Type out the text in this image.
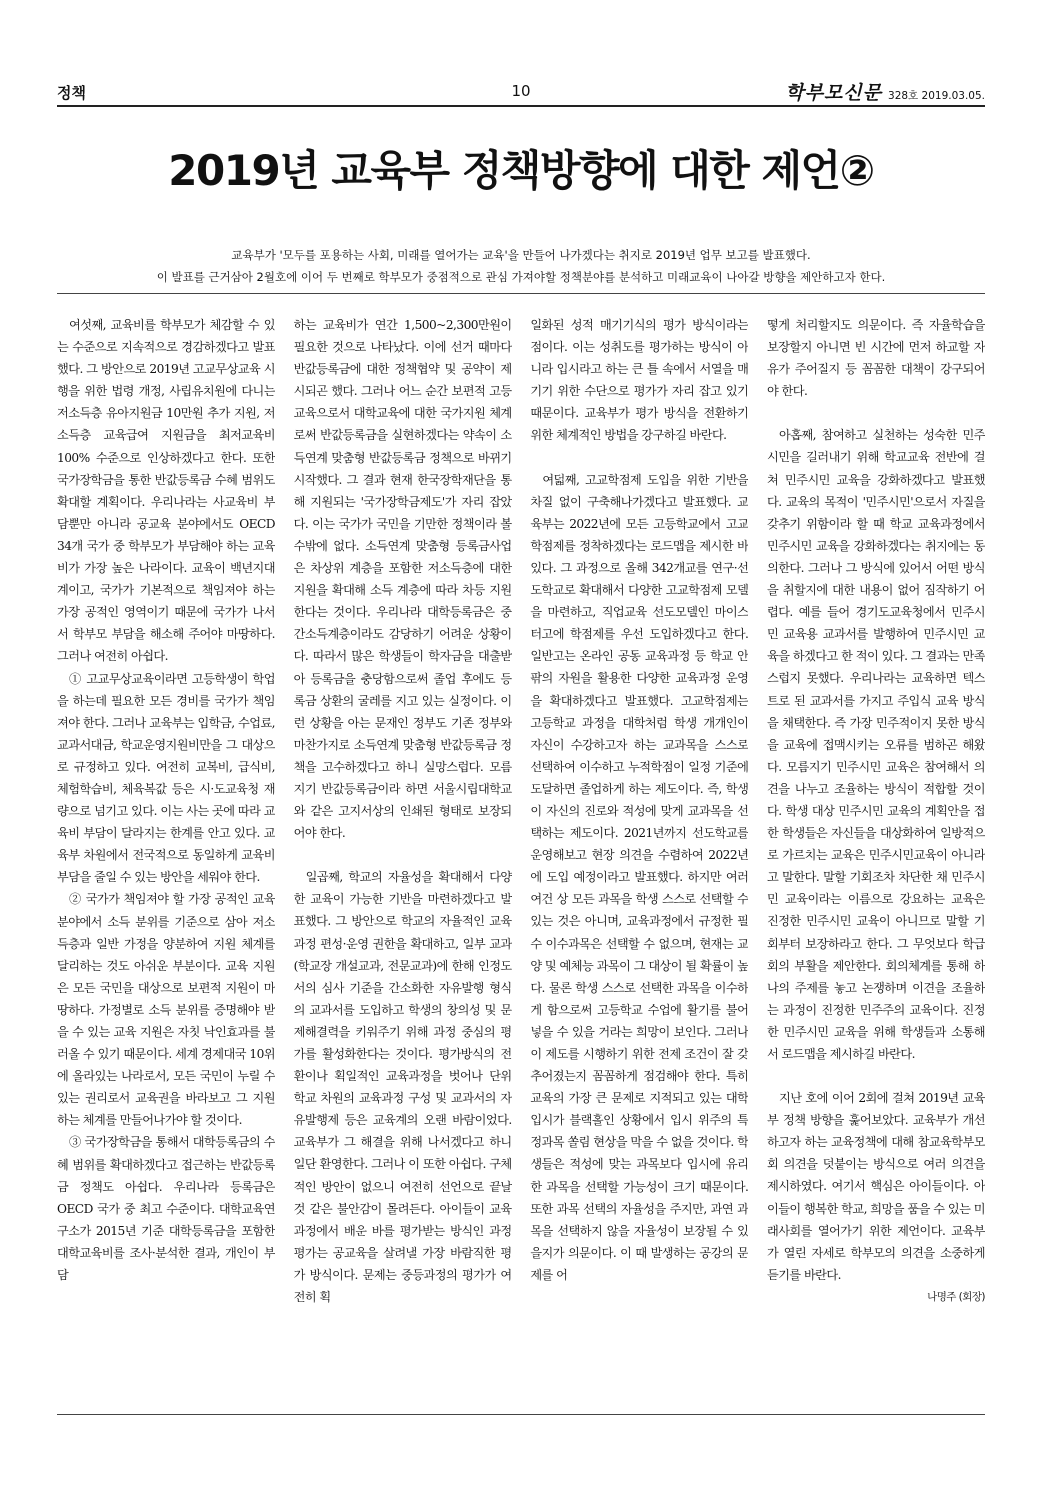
정책	10	학부모신문 328호 2019.03.05.
2019년 교육부 정책방향에 대한 제언②
교육부가 '모두를 포용하는 사회, 미래를 열어가는 교육'을 만들어 나가겠다는 취지로 2019년 업무 보고를 발표했다.
이 발표를 근거삼아 2월호에 이어 두 번째로 학부모가 중점적으로 관심 가져야할 정책분야를 분석하고 미래교육이 나아갈 방향을 제안하고자 한다.

여섯째, 교육비를 학부모가 체감할 수 있는 수준으로 지속적으로 경감하겠다고 발표했다. 그 방안으로 2019년 고교무상교육 시행을 위한 법령 개정, 사립유치원에 다니는 저소득층 유아지원금 10만원 추가 지원, 저소득층 교육급여 지원금을 최저교육비 100% 수준으로 인상하겠다고 한다. 또한 국가장학금을 통한 반값등록금 수혜 범위도 확대할 계획이다. 우리나라는 사교육비 부담뿐만 아니라 공교육 분야에서도 OECD 34개 국가 중 학부모가 부담해야 하는 교육비가 가장 높은 나라이다. 교육이 백년지대계이고, 국가가 기본적으로 책임져야 하는 가장 공적인 영역이기 때문에 국가가 나서서 학부모 부담을 해소해 주어야 마땅하다. 그러나 여전히 아쉽다.

① 고교무상교육이라면 고등학생이 학업을 하는데 필요한 모든 경비를 국가가 책임져야 한다. 그러나 교육부는 입학금, 수업료, 교과서대금, 학교운영지원비만을 그 대상으로 규정하고 있다. 여전히 교복비, 급식비, 체험학습비, 체육복값 등은 시·도교육청 재량으로 넘기고 있다. 이는 사는 곳에 따라 교육비 부담이 달라지는 한계를 안고 있다. 교육부 차원에서 전국적으로 동일하게 교육비 부담을 줄일 수 있는 방안을 세워야 한다.

② 국가가 책임져야 할 가장 공적인 교육 분야에서 소득 분위를 기준으로 삼아 저소득층과 일반 가정을 양분하여 지원 체계를 달리하는 것도 아쉬운 부분이다. 교육 지원은 모든 국민을 대상으로 보편적 지원이 마땅하다. 가정별로 소득 분위를 증명해야 받을 수 있는 교육 지원은 자칫 낙인효과를 불러올 수 있기 때문이다. 세계 경제대국 10위에 올라있는 나라로서, 모든 국민이 누릴 수 있는 권리로서 교육권을 바라보고 그 지원하는 체계를 만들어나가야 할 것이다.

③ 국가장학금을 통해서 대학등록금의 수혜 범위를 확대하겠다고 접근하는 반값등록금 정책도 아쉽다. 우리나라 등록금은 OECD 국가 중 최고 수준이다. 대학교육연구소가 2015년 기준 대학등록금을 포함한 대학교육비를 조사·분석한 결과, 개인이 부담

하는 교육비가 연간 1,500~2,300만원이 필요한 것으로 나타났다. 이에 선거 때마다 반값등록금에 대한 정책협약 및 공약이 제시되곤 했다. 그러나 어느 순간 보편적 고등교육으로서 대학교육에 대한 국가지원 체계로써 반값등록금을 실현하겠다는 약속이 소득연계 맞춤형 반값등록금 정책으로 바뀌기 시작했다. 그 결과 현재 한국장학재단을 통해 지원되는 '국가장학금제도'가 자리 잡았다. 이는 국가가 국민을 기만한 정책이라 볼 수밖에 없다. 소득연계 맞춤형 등록금사업은 차상위 계층을 포함한 저소득층에 대한 지원을 확대해 소득 계층에 따라 차등 지원한다는 것이다. 우리나라 대학등록금은 중간소득계층이라도 감당하기 어려운 상황이다. 따라서 많은 학생들이 학자금을 대출받아 등록금을 충당함으로써 졸업 후에도 등록금 상환의 굴레를 지고 있는 실정이다. 이런 상황을 아는 문재인 정부도 기존 정부와 마찬가지로 소득연계 맞춤형 반값등록금 정책을 고수하겠다고 하니 실망스럽다. 모름지기 반값등록금이라 하면 서울시립대학교와 같은 고지서상의 인쇄된 형태로 보장되어야 한다.

일곱째, 학교의 자율성을 확대해서 다양한 교육이 가능한 기반을 마련하겠다고 발표했다. 그 방안으로 학교의 자율적인 교육과정 편성·운영 권한을 확대하고, 일부 교과(학교장 개설교과, 전문교과)에 한해 인정도서의 심사 기준을 간소화한 자유발행 형식의 교과서를 도입하고 학생의 창의성 및 문제해결력을 키워주기 위해 과정 중심의 평가를 활성화한다는 것이다. 평가방식의 전환이나 획일적인 교육과정을 벗어나 단위 학교 차원의 교육과정 구성 및 교과서의 자유발행제 등은 교육계의 오랜 바람이었다. 교육부가 그 해결을 위해 나서겠다고 하니 일단 환영한다. 그러나 이 또한 아쉽다. 구체적인 방안이 없으니 여전히 선언으로 끝날 것 같은 불안감이 몰려든다. 아이들이 교육 과정에서 배운 바를 평가받는 방식인 과정 평가는 공교육을 살려낼 가장 바람직한 평가 방식이다. 문제는 중등과정의 평가가 여전히 획

일화된 성적 매기기식의 평가 방식이라는 점이다. 이는 성취도를 평가하는 방식이 아니라 입시라고 하는 큰 틀 속에서 서열을 매기기 위한 수단으로 평가가 자리 잡고 있기 때문이다. 교육부가 평가 방식을 전환하기 위한 체계적인 방법을 강구하길 바란다.

여덟째, 고교학점제 도입을 위한 기반을 차질 없이 구축해나가겠다고 발표했다. 교육부는 2022년에 모든 고등학교에서 고교학점제를 정착하겠다는 로드맵을 제시한 바 있다. 그 과정으로 올해 342개교를 연구·선도학교로 확대해서 다양한 고교학점제 모델을 마련하고, 직업교육 선도모델인 마이스터고에 학점제를 우선 도입하겠다고 한다. 일반고는 온라인 공동 교육과정 등 학교 안팎의 자원을 활용한 다양한 교육과정 운영을 확대하겠다고 발표했다. 고교학점제는 고등학교 과정을 대학처럼 학생 개개인이 자신이 수강하고자 하는 교과목을 스스로 선택하여 이수하고 누적학점이 일정 기준에 도달하면 졸업하게 하는 제도이다. 즉, 학생이 자신의 진로와 적성에 맞게 교과목을 선택하는 제도이다. 2021년까지 선도학교를 운영해보고 현장 의견을 수렴하여 2022년에 도입 예정이라고 발표했다. 하지만 여러 여건 상 모든 과목을 학생 스스로 선택할 수 있는 것은 아니며, 교육과정에서 규정한 필수 이수과목은 선택할 수 없으며, 현재는 교양 및 예체능 과목이 그 대상이 될 확률이 높다. 물론 학생 스스로 선택한 과목을 이수하게 함으로써 고등학교 수업에 활기를 불어넣을 수 있을 거라는 희망이 보인다. 그러나 이 제도를 시행하기 위한 전제 조건이 잘 갖추어졌는지 꼼꼼하게 점검해야 한다. 특히 교육의 가장 큰 문제로 지적되고 있는 대학입시가 블랙홀인 상황에서 입시 위주의 특정과목 쏠림 현상을 막을 수 없을 것이다. 학생들은 적성에 맞는 과목보다 입시에 유리한 과목을 선택할 가능성이 크기 때문이다. 또한 과목 선택의 자율성을 주지만, 과연 과목을 선택하지 않을 자율성이 보장될 수 있을지가 의문이다. 이 때 발생하는 공강의 문제를 어

떻게 처리할지도 의문이다. 즉 자율학습을 보장할지 아니면 빈 시간에 먼저 하교할 자유가 주어질지 등 꼼꼼한 대책이 강구되어야 한다.

아홉째, 참여하고 실천하는 성숙한 민주시민을 길러내기 위해 학교교육 전반에 걸쳐 민주시민 교육을 강화하겠다고 발표했다. 교육의 목적이 '민주시민'으로서 자질을 갖추기 위함이라 할 때 학교 교육과정에서 민주시민 교육을 강화하겠다는 취지에는 동의한다. 그러나 그 방식에 있어서 어떤 방식을 취할지에 대한 내용이 없어 짐작하기 어렵다. 예를 들어 경기도교육청에서 민주시민 교육용 교과서를 발행하여 민주시민 교육을 하겠다고 한 적이 있다. 그 결과는 만족스럽지 못했다. 우리나라는 교육하면 텍스트로 된 교과서를 가지고 주입식 교육 방식을 채택한다. 즉 가장 민주적이지 못한 방식을 교육에 접맥시키는 오류를 범하곤 해왔다. 모름지기 민주시민 교육은 참여해서 의견을 나누고 조율하는 방식이 적합할 것이다. 학생 대상 민주시민 교육의 계획안을 접한 학생들은 자신들을 대상화하여 일방적으로 가르치는 교육은 민주시민교육이 아니라고 말한다. 말할 기회조차 차단한 채 민주시민 교육이라는 이름으로 강요하는 교육은 진정한 민주시민 교육이 아니므로 말할 기회부터 보장하라고 한다. 그 무엇보다 학급회의 부활을 제안한다. 회의체계를 통해 하나의 주제를 놓고 논쟁하며 이견을 조율하는 과정이 진정한 민주주의 교육이다. 진정한 민주시민 교육을 위해 학생들과 소통해서 로드맵을 제시하길 바란다.

지난 호에 이어 2회에 걸쳐 2019년 교육부 정책 방향을 훑어보았다. 교육부가 개선하고자 하는 교육정책에 대해 참교육학부모회 의견을 덧붙이는 방식으로 여러 의견을 제시하였다. 여기서 핵심은 아이들이다. 아이들이 행복한 학교, 희망을 품을 수 있는 미래사회를 열어가기 위한 제언이다. 교육부가 열린 자세로 학부모의 의견을 소중하게 듣기를 바란다.

나명주 (회장)
